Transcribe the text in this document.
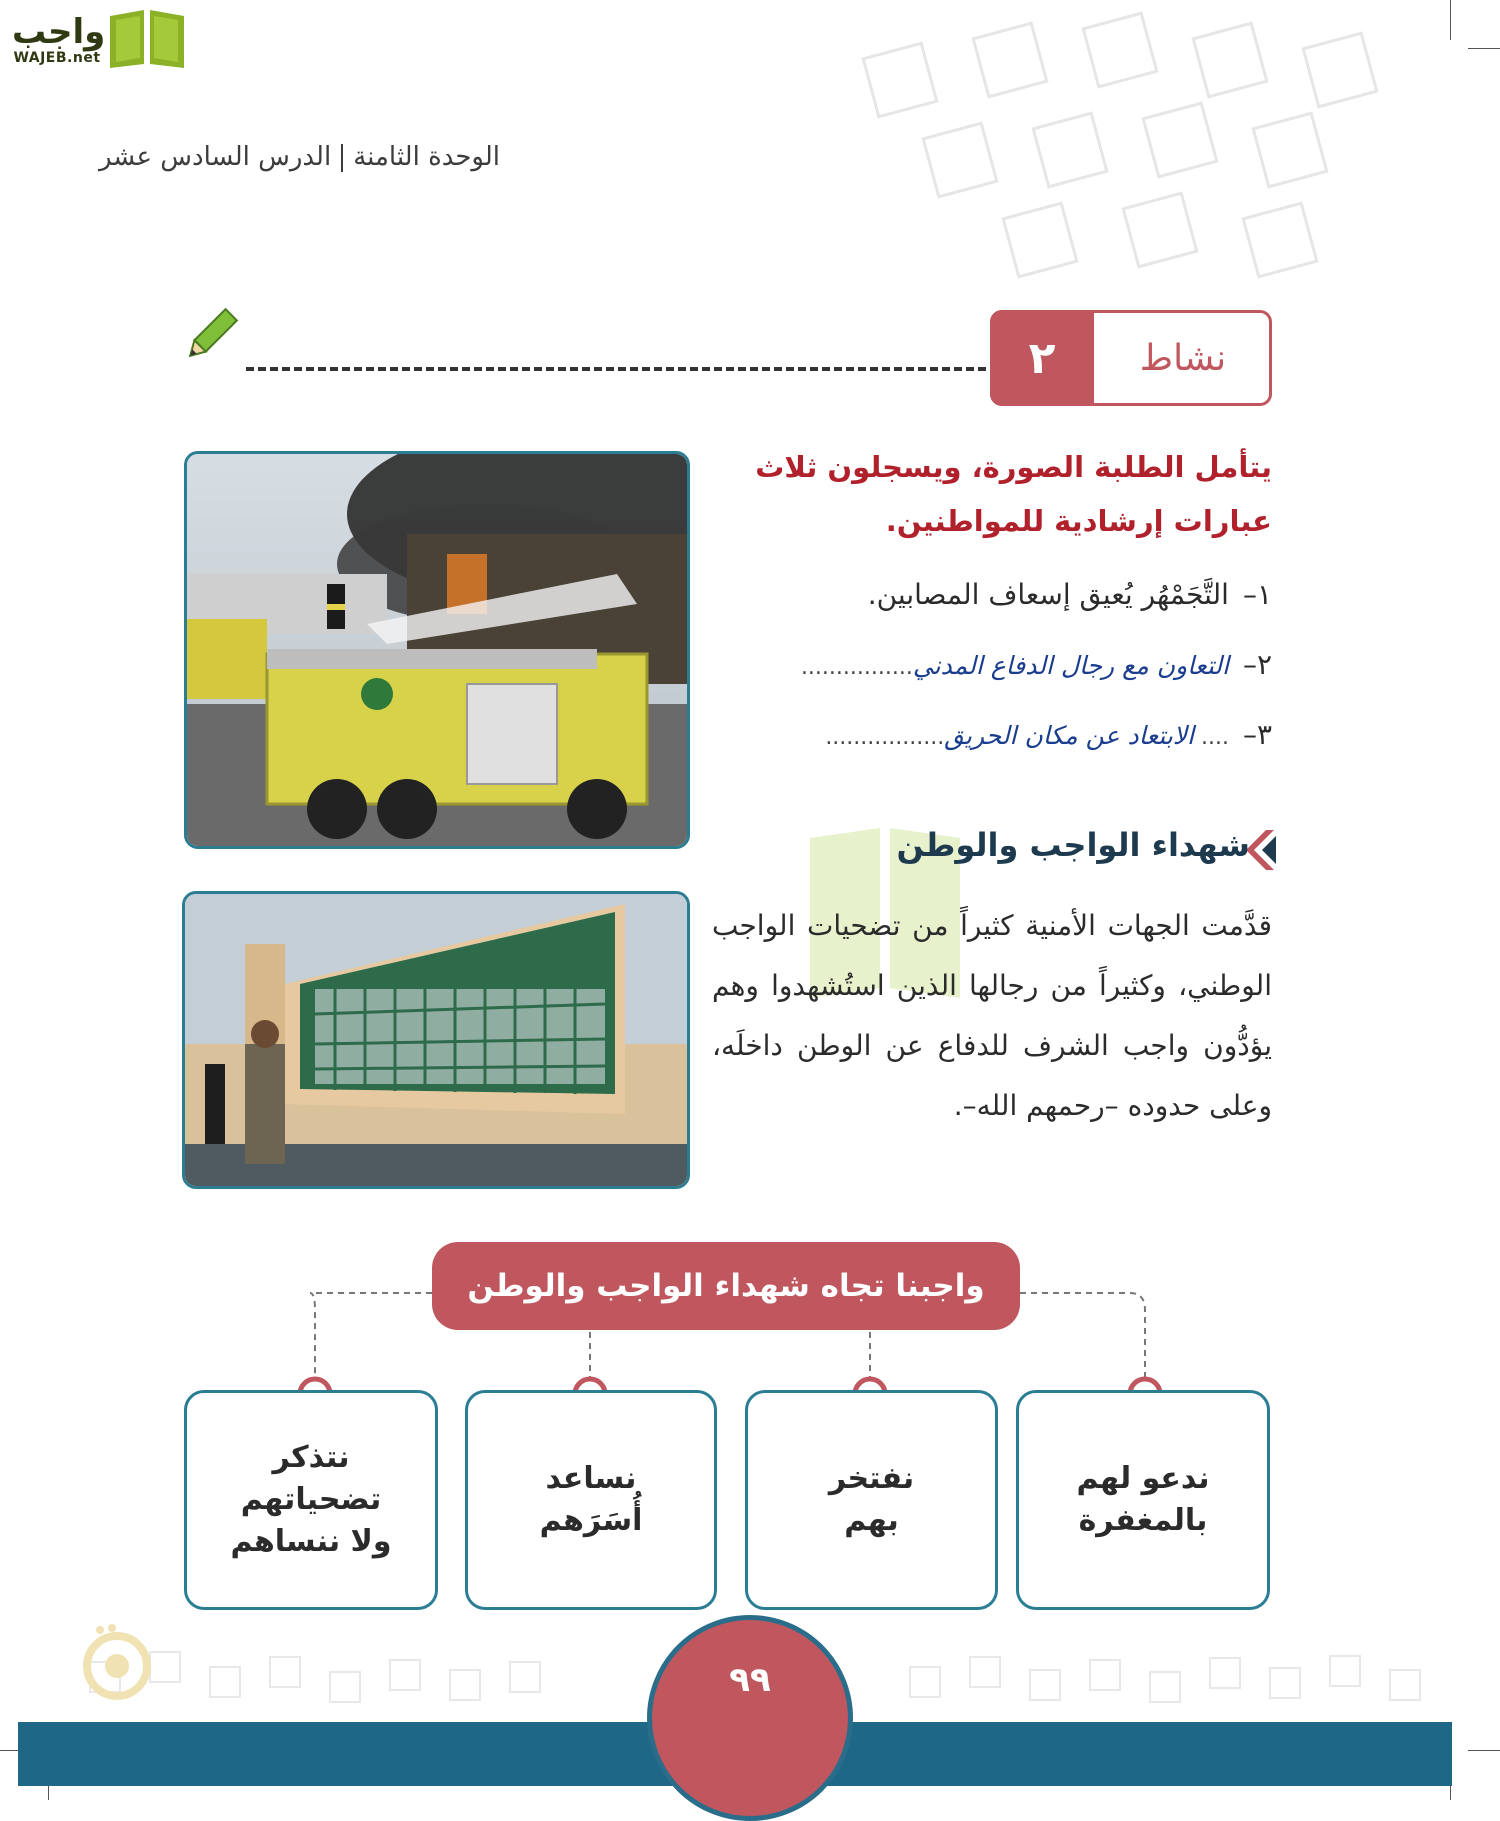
واجب
WAJEB.net
الوحدة الثامنةالدرس السادس عشر
٢	نشاط
يتأمل الطلبة الصورة، ويسجلون ثلاث عبارات إرشادية للمواطنين.
١–التَّجَمْهُر يُعيق إسعاف المصابين.
٢–التعاون مع رجال الدفاع المدني................
٣–.... الابتعاد عن مكان الحريق.................
شهداء الواجب والوطن
قدَّمت الجهات الأمنية كثيراً من تضحيات الواجب الوطني، وكثيراً من رجالها الذين استُشهدوا وهم يؤدُّون واجب الشرف للدفاع عن الوطن داخلَه، وعلى حدوده –رحمهم الله–.
واجبنا تجاه شهداء الواجب والوطن
ندعو لهم
بالمغفرة
نفتخر
بهم
نساعد
أُسَرَهم
نتذكر
تضحياتهم
ولا ننساهم
٩٩
